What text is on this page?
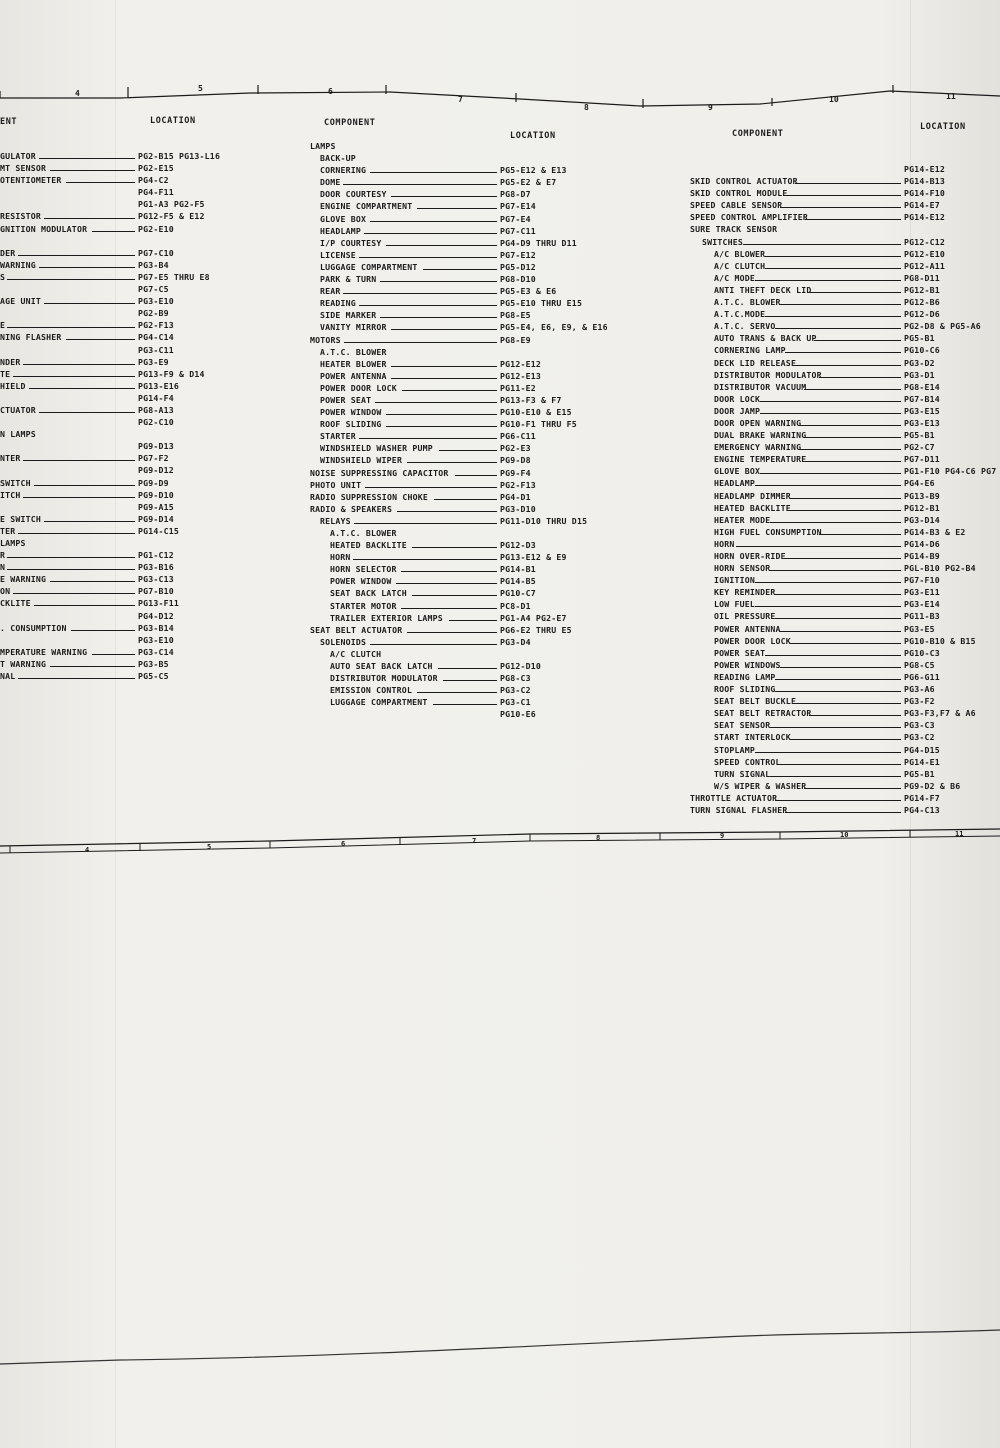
4
5	6
7
8	9
10	11
4	5	6	7	8	9	10	11
ENT	LOCATION	COMPONENT
LOCATION	COMPONENT
LOCATION
GULATOR	PG2-B15 PG13-L16
MT SENSOR	PG2-E15
OTENTIOMETER	PG4-C2
PG4-F11
PG1-A3 PG2-F5
RESISTOR	PG12-F5 & E12
GNITION MODULATOR	PG2-E10
DER	PG7-C10
WARNING	PG3-B4
S	PG7-E5 THRU E8
PG7-C5
AGE UNIT	PG3-E10
PG2-B9
E	PG2-F13
NING FLASHER	PG4-C14
PG3-C11
NDER	PG3-E9
TE	PG13-F9 & D14
HIELD	PG13-E16
PG14-F4
CTUATOR	PG8-A13
PG2-C10
N LAMPS
PG9-D13
NTER	PG7-F2
PG9-D12
SWITCH	PG9-D9
ITCH	PG9-D10
PG9-A15
E SWITCH	PG9-D14
TER	PG14-C15
LAMPS
R	PG1-C12
N	PG3-B16
E WARNING	PG3-C13
ON	PG7-B10
CKLITE	PG13-F11
PG4-D12
. CONSUMPTION	PG3-B14
PG3-E10
MPERATURE WARNING	PG3-C14
T WARNING	PG3-B5
NAL	PG5-C5
LAMPS
BACK-UP
CORNERING	PG5-E12 & E13
DOME	PG5-E2 & E7
DOOR COURTESY	PG8-D7
ENGINE COMPARTMENT	PG7-E14
GLOVE BOX	PG7-E4
HEADLAMP	PG7-C11
I/P COURTESY	PG4-D9 THRU D11
LICENSE	PG7-E12
LUGGAGE COMPARTMENT	PG5-D12
PARK & TURN	PG8-D10
REAR	PG5-E3 & E6
READING	PG5-E10 THRU E15
SIDE MARKER	PG8-E5
VANITY MIRROR	PG5-E4, E6, E9, & E16
MOTORS	PG8-E9
A.T.C. BLOWER
HEATER BLOWER	PG12-E12
POWER ANTENNA	PG12-E13
POWER DOOR LOCK	PG11-E2
POWER SEAT	PG13-F3 & F7
POWER WINDOW	PG10-E10 & E15
ROOF SLIDING	PG10-F1 THRU F5
STARTER	PG6-C11
WINDSHIELD WASHER PUMP	PG2-E3
WINDSHIELD WIPER	PG9-D8
NOISE SUPPRESSING CAPACITOR	PG9-F4
PHOTO UNIT	PG2-F13
RADIO SUPPRESSION CHOKE	PG4-D1
RADIO & SPEAKERS	PG3-D10
RELAYS	PG11-D10 THRU D15
A.T.C. BLOWER
HEATED BACKLITE	PG12-D3
HORN	PG13-E12 & E9
HORN SELECTOR	PG14-B1
POWER WINDOW	PG14-B5
SEAT BACK LATCH	PG10-C7
STARTER MOTOR	PC8-D1
TRAILER EXTERIOR LAMPS	PG1-A4 PG2-E7
SEAT BELT ACTUATOR	PG6-E2 THRU E5
SOLENOIDS	PG3-D4
A/C CLUTCH
AUTO SEAT BACK LATCH	PG12-D10
DISTRIBUTOR MODULATOR	PG8-C3
EMISSION CONTROL	PG3-C2
LUGGAGE COMPARTMENT	PG3-C1
PG10-E6
PG14-E12
SKID CONTROL ACTUATOR	PG14-B13
SKID CONTROL MODULE	PG14-F10
SPEED CABLE SENSOR	PG14-E7
SPEED CONTROL AMPLIFIER	PG14-E12
SURE TRACK SENSOR
SWITCHES	PG12-C12
A/C BLOWER	PG12-E10
A/C CLUTCH	PG12-A11
A/C MODE	PG8-D11
ANTI THEFT DECK LID	PG12-B1
A.T.C. BLOWER	PG12-B6
A.T.C.MODE	PG12-D6
A.T.C. SERVO	PG2-D8 & PG5-A6
AUTO TRANS & BACK UP	PG5-B1
CORNERING LAMP	PG10-C6
DECK LID RELEASE	PG3-D2
DISTRIBUTOR MODULATOR	PG3-D1
DISTRIBUTOR VACUUM	PG8-E14
DOOR LOCK	PG7-B14
DOOR JAMP	PG3-E15
DOOR OPEN WARNING	PG3-E13
DUAL BRAKE WARNING	PG5-B1
EMERGENCY WARNING	PG2-C7
ENGINE TEMPERATURE	PG7-D11
GLOVE BOX	PG1-F10 PG4-C6 PG7
HEADLAMP	PG4-E6
HEADLAMP DIMMER	PG13-B9
HEATED BACKLITE	PG12-B1
HEATER MODE	PG3-D14
HIGH FUEL CONSUMPTION	PG14-B3 & E2
HORN	PG14-D6
HORN OVER-RIDE	PG14-B9
HORN SENSOR	PGL-B10 PG2-B4
IGNITION	PG7-F10
KEY REMINDER	PG3-E11
LOW FUEL	PG3-E14
OIL PRESSURE	PG11-B3
POWER ANTENNA	PG3-E5
POWER DOOR LOCK	PG10-B10 & B15
POWER SEAT	PG10-C3
POWER WINDOWS	PG8-C5
READING LAMP	PG6-G11
ROOF SLIDING	PG3-A6
SEAT BELT BUCKLE	PG3-F2
SEAT BELT RETRACTOR	PG3-F3,F7 & A6
SEAT SENSOR	PG3-C3
START INTERLOCK	PG3-C2
STOPLAMP	PG4-D15
SPEED CONTROL	PG14-E1
TURN SIGNAL	PG5-B1
W/S WIPER & WASHER	PG9-D2 & B6
THROTTLE ACTUATOR	PG14-F7
TURN SIGNAL FLASHER	PG4-C13
